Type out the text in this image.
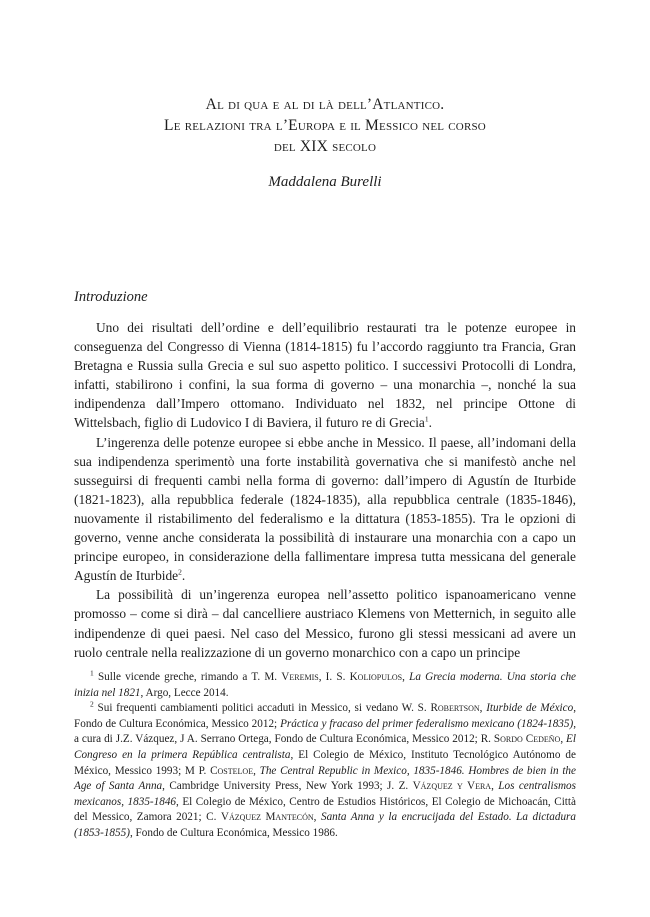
Al di qua e al di là dell’Atlantico.
Le relazioni tra l’Europa e il Messico nel corso
del XIX secolo
Maddalena Burelli
Introduzione

Uno dei risultati dell’ordine e dell’equilibrio restaurati tra le potenze europee in conseguenza del Congresso di Vienna (1814-1815) fu l’accordo raggiunto tra Francia, Gran Bretagna e Russia sulla Grecia e sul suo aspetto politico. I successivi Protocolli di Londra, infatti, stabilirono i confini, la sua forma di governo – una monarchia –, nonché la sua indipendenza dall’Impero ottomano. Individuato nel 1832, nel principe Ottone di Wittelsbach, figlio di Ludovico I di Baviera, il futuro re di Grecia$^1$.

L’ingerenza delle potenze europee si ebbe anche in Messico. Il paese, all’indomani della sua indipendenza sperimentò una forte instabilità governativa che si manifestò anche nel susseguirsi di frequenti cambi nella forma di governo: dall’impero di Agustín de Iturbide (1821-1823), alla repubblica federale (1824-1835), alla repubblica centrale (1835-1846), nuovamente il ristabilimento del federalismo e la dittatura (1853-1855). Tra le opzioni di governo, venne anche considerata la possibilità di instaurare una monarchia con a capo un principe europeo, in considerazione della fallimentare impresa tutta messicana del generale Agustín de Iturbide$^2$.

La possibilità di un’ingerenza europea nell’assetto politico ispanoamericano venne promosso – come si dirà – dal cancelliere austriaco Klemens von Metternich, in seguito alle indipendenze di quei paesi. Nel caso del Messico, furono gli stessi messicani ad avere un ruolo centrale nella realizzazione di un governo monarchico con a capo un principe

$^1$ Sulle vicende greche, rimando a T. M. Veremis, I. S. Koliopulos, La Grecia moderna. Una storia che inizia nel 1821, Argo, Lecce 2014.

$^2$ Sui frequenti cambiamenti politici accaduti in Messico, si vedano W. S. Robertson, Iturbide de México, Fondo de Cultura Económica, Messico 2012; Práctica y fracaso del primer federalismo mexicano (1824-1835), a cura di J.Z. Vázquez, J A. Serrano Ortega, Fondo de Cultura Económica, Messico 2012; R. Sordo Cedeño, El Congreso en la primera República centralista, El Colegio de México, Instituto Tecnológico Autónomo de México, Messico 1993; M P. Costeloe, The Central Republic in Mexico, 1835-1846. Hombres de bien in the Age of Santa Anna, Cambridge University Press, New York 1993; J. Z. Vázquez y Vera, Los centralismos mexicanos, 1835-1846, El Colegio de México, Centro de Estudios Históricos, El Colegio de Michoacán, Città del Messico, Zamora 2021; C. Vázquez Mantecón, Santa Anna y la encrucijada del Estado. La dictadura (1853-1855), Fondo de Cultura Económica, Messico 1986.
